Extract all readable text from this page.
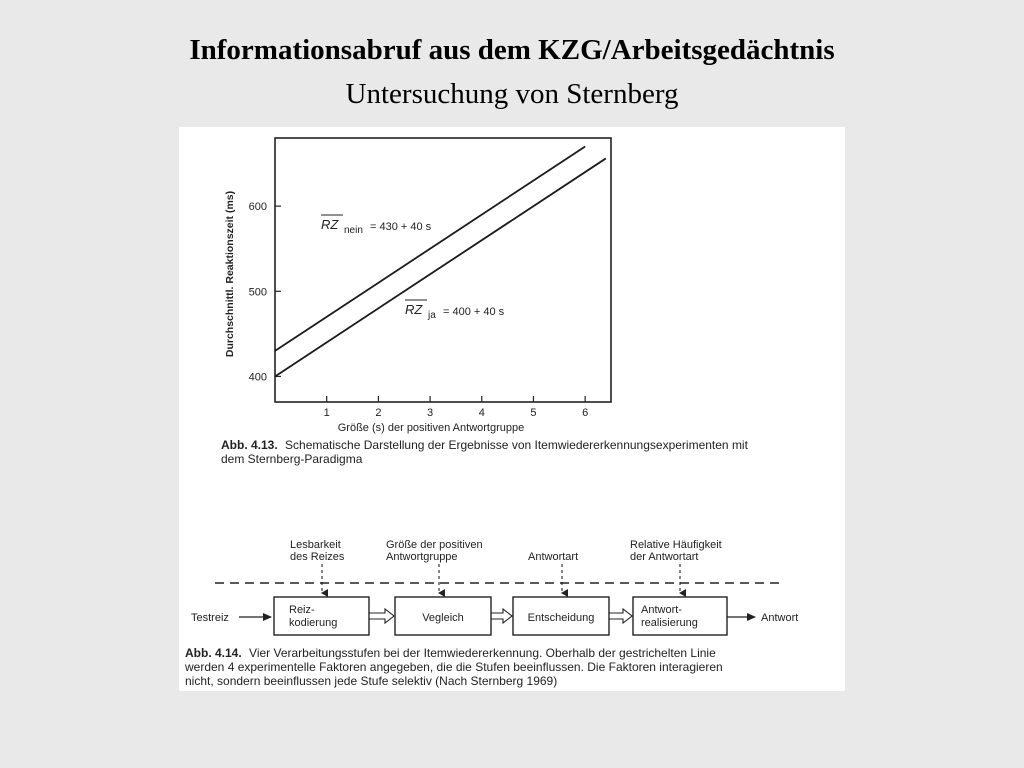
Informationsabruf aus dem KZG/Arbeitsgedächtnis
Untersuchung von Sternberg
1	2	3	4	5	6
400
500
600
Durchschnittl. Reaktionszeit (ms)
Größe (s) der positiven Antwortgruppe
RZ nein = 430 + 40 s
RZ ja = 400 + 40 s
Abb. 4.13. Schematische Darstellung der Ergebnisse von Itemwiedererkennungsexperimenten mit
dem Sternberg-Paradigma
Lesbarkeit
des Reizes
Größe der positiven
Antwortgruppe	Antwortart
Relative Häufigkeit
der Antwortart
Testreiz	Antwort
Reiz-
kodierung	Vegleich	Entscheidung
Antwort-
realisierung
Abb. 4.14. Vier Verarbeitungsstufen bei der Itemwiedererkennung. Oberhalb der gestrichelten Linie
werden 4 experimentelle Faktoren angegeben, die die Stufen beeinflussen. Die Faktoren interagieren
nicht, sondern beeinflussen jede Stufe selektiv (Nach Sternberg 1969)
